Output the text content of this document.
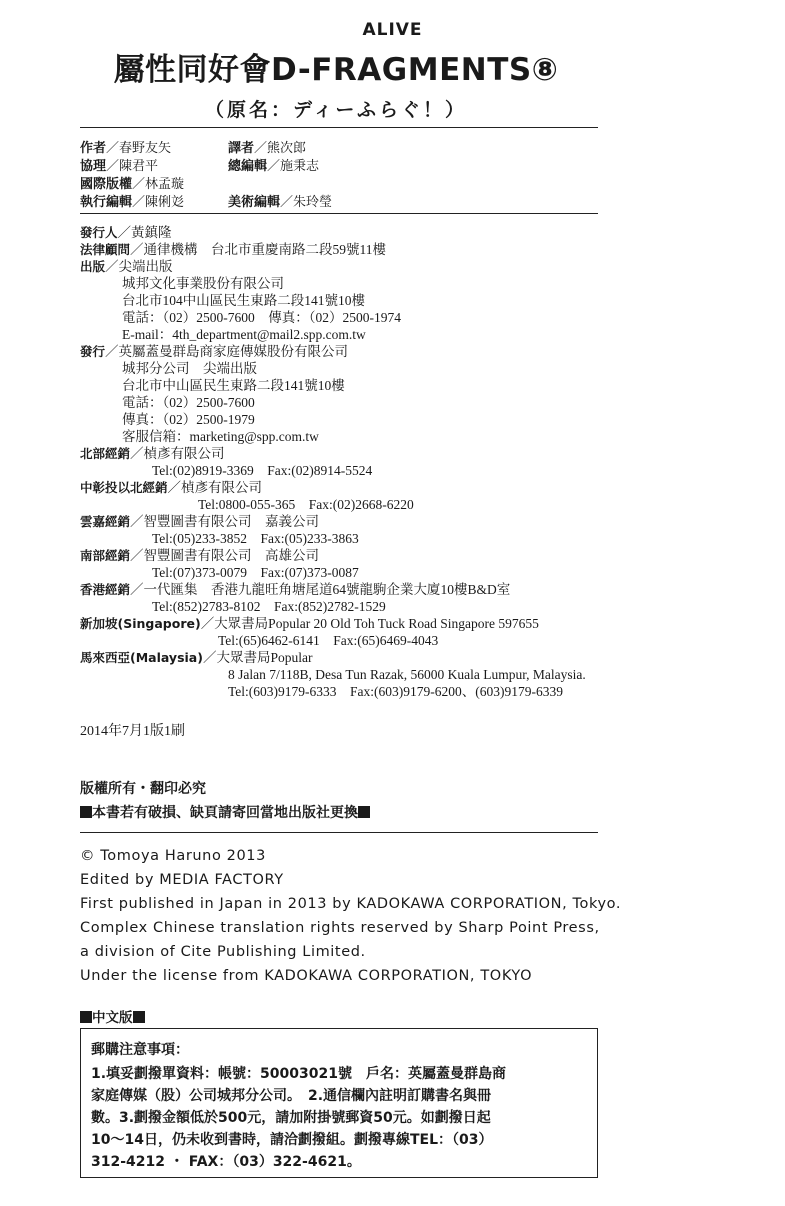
ALIVE
屬性同好會D-FRAGMENTS⑧
（原名：ディーふらぐ！）
作者／春野友矢	譯者／熊次郎
協理／陳君平	總編輯／施秉志
國際版權／林孟璇
執行編輯／陳俐彣	美術編輯／朱玲瑩
發行人／黃鎮隆
法律顧問／通律機構　台北市重慶南路二段59號11樓
出版／尖端出版
城邦文化事業股份有限公司
台北市104中山區民生東路二段141號10樓
電話：（02）2500-7600　傳真：（02）2500-1974
E-mail：4th_department@mail2.spp.com.tw
發行／英屬蓋曼群島商家庭傳媒股份有限公司
城邦分公司　尖端出版
台北市中山區民生東路二段141號10樓
電話：（02）2500-7600
傳真：（02）2500-1979
客服信箱：marketing@spp.com.tw
北部經銷／楨彥有限公司
Tel:(02)8919-3369　Fax:(02)8914-5524
中彰投以北經銷／楨彥有限公司
Tel:0800-055-365　Fax:(02)2668-6220
雲嘉經銷／智豐圖書有限公司　嘉義公司
Tel:(05)233-3852　Fax:(05)233-3863
南部經銷／智豐圖書有限公司　高雄公司
Tel:(07)373-0079　Fax:(07)373-0087
香港經銷／一代匯集　香港九龍旺角塘尾道64號龍駒企業大廈10樓B&D室
Tel:(852)2783-8102　Fax:(852)2782-1529
新加坡(Singapore)／大眾書局Popular 20 Old Toh Tuck Road Singapore 597655
Tel:(65)6462-6141　Fax:(65)6469-4043
馬來西亞(Malaysia)／大眾書局Popular
8 Jalan 7/118B, Desa Tun Razak, 56000 Kuala Lumpur, Malaysia.
Tel:(603)9179-6333　Fax:(603)9179-6200、(603)9179-6339
2014年7月1版1刷
版權所有・翻印必究
本書若有破損、缺頁請寄回當地出版社更換
© Tomoya Haruno 2013
Edited by MEDIA FACTORY
First published in Japan in 2013 by KADOKAWA CORPORATION, Tokyo.
Complex Chinese translation rights reserved by Sharp Point Press,
a division of Cite Publishing Limited.
Under the license from KADOKAWA CORPORATION, TOKYO
中文版
郵購注意事項：
1.填妥劃撥單資料：帳號：50003021號　戶名：英屬蓋曼群島商
家庭傳媒（股）公司城邦分公司。　2.通信欄內註明訂購書名與冊
數。3.劃撥金額低於500元，請加附掛號郵資50元。如劃撥日起
10～14日，仍未收到書時，請洽劃撥組。劃撥專線TEL：（03）
312-4212 ・ FAX：（03）322-4621。
